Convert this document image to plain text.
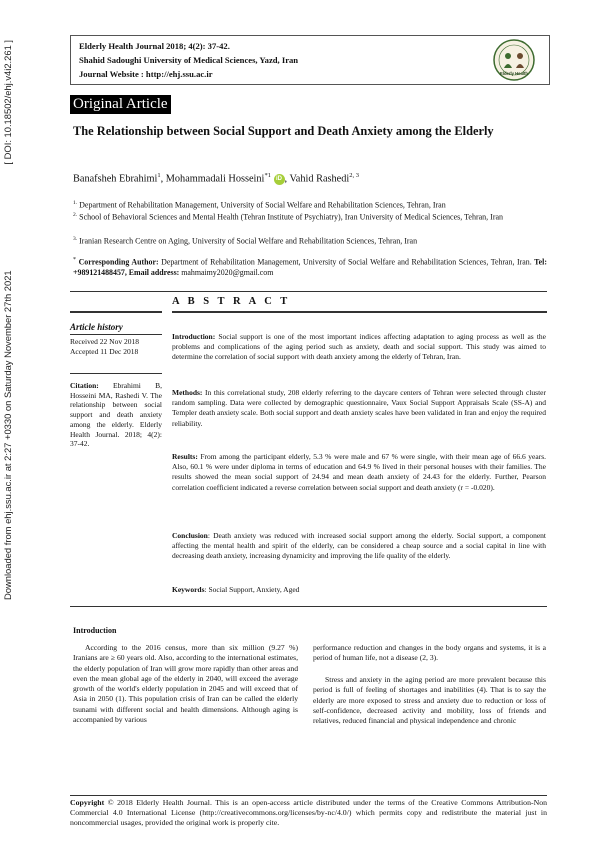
Downloaded from ehj.ssu.ac.ir at 2:27 +0330 on Saturday November 27th 2021
[ DOI: 10.18502/ehj.v4i2.261 ]	Elderly Health Journal 2018; 4(2): 37-42.
Shahid Sadoughi University of Medical Sciences, Yazd, Iran
Journal Website : http://ehj.ssu.ac.ir	Elderly Health
Original Article
The Relationship between Social Support and Death Anxiety among the Elderly
Banafsheh Ebrahimi$^1$, Mohammadali Hosseini$^{*1}$ iD , Vahid Rashedi$^{2, 3}$
$^{1.}$ Department of Rehabilitation Management, University of Social Welfare and Rehabilitation Sciences, Tehran, Iran
$^{2.}$ School of Behavioral Sciences and Mental Health (Tehran Institute of Psychiatry), Iran University of Medical Sciences, Tehran, Iran
$^{3.}$ Iranian Research Centre on Aging, University of Social Welfare and Rehabilitation Sciences, Tehran, Iran
* Corresponding Author: Department of Rehabilitation Management, University of Social Welfare and Rehabilitation Sciences, Tehran, Iran. Tel: +989121488457, Email address: mahmaimy2020@gmail.com
A B S T R A C T
Article history
Received 22 Nov 2018
Accepted 11 Dec 2018
Citation: Ebrahimi B, Hosseini MA, Rashedi V. The relationship between social support and death anxiety among the elderly. Elderly Health Journal. 2018; 4(2): 37-42.
Introduction: Social support is one of the most important indices affecting adaptation to aging process as well as the problems and complications of the aging period such as anxiety, death and social support. This study was aimed to determine the correlation of social support with death anxiety among the elderly of Tehran, Iran.
Methods: In this correlational study, 208 elderly referring to the daycare centers of Tehran were selected through cluster random sampling. Data were collected by demographic questionnaire, Vaux Social Support Appraisals Scale (SS-A) and Templer death anxiety scale. Both social support and death anxiety scales have been validated in Iran and enjoy the required reliability.
Results: From among the participant elderly, 5.3 % were male and 67 % were single, with their mean age of 66.6 years. Also, 60.1 % were under diploma in terms of education and 64.9 % lived in their personal houses with their families. The results showed the mean social support of 24.94 and mean death anxiety of 24.43 for the elderly. Further, Pearson correlation coefficient indicated a reverse correlation between social support and death anxiety (r = -0.020).
Conclusion: Death anxiety was reduced with increased social support among the elderly. Social support, a component affecting the mental health and spirit of the elderly, can be considered a cheap source and a social capital in line with decreasing death anxiety, increasing dynamicity and improving the life quality of the elderly.
Keywords: Social Support, Anxiety, Aged
Introduction
According to the 2016 census, more than six million (9.27 %) Iranians are ≥ 60 years old. Also, according to the international estimates, the elderly population of Iran will grow more rapidly than other areas and even the mean global age of the elderly in 2040, will exceed the average growth of the world's elderly population in 2045 and will exceed that of Asia in 2050 (1). This population crisis of Iran can be called the elderly tsunami with different social and health dimensions. Although aging is accompanied by various
performance reduction and changes in the body organs and systems, it is a period of human life, not a disease (2, 3).
Stress and anxiety in the aging period are more prevalent because this period is full of feeling of shortages and inabilities (4). That is to say the elderly are more exposed to stress and anxiety due to reduction or loss of self-confidence, decreased activity and mobility, loss of friends and relatives, reduced financial and physical independence and chronic
Copyright © 2018 Elderly Health Journal. This is an open-access article distributed under the terms of the Creative Commons Attribution-Non Commercial 4.0 International License (http://creativecommons.org/licenses/by-nc/4.0/) which permits copy and redistribute the material just in noncommercial usages, provided the original work is properly cite.
